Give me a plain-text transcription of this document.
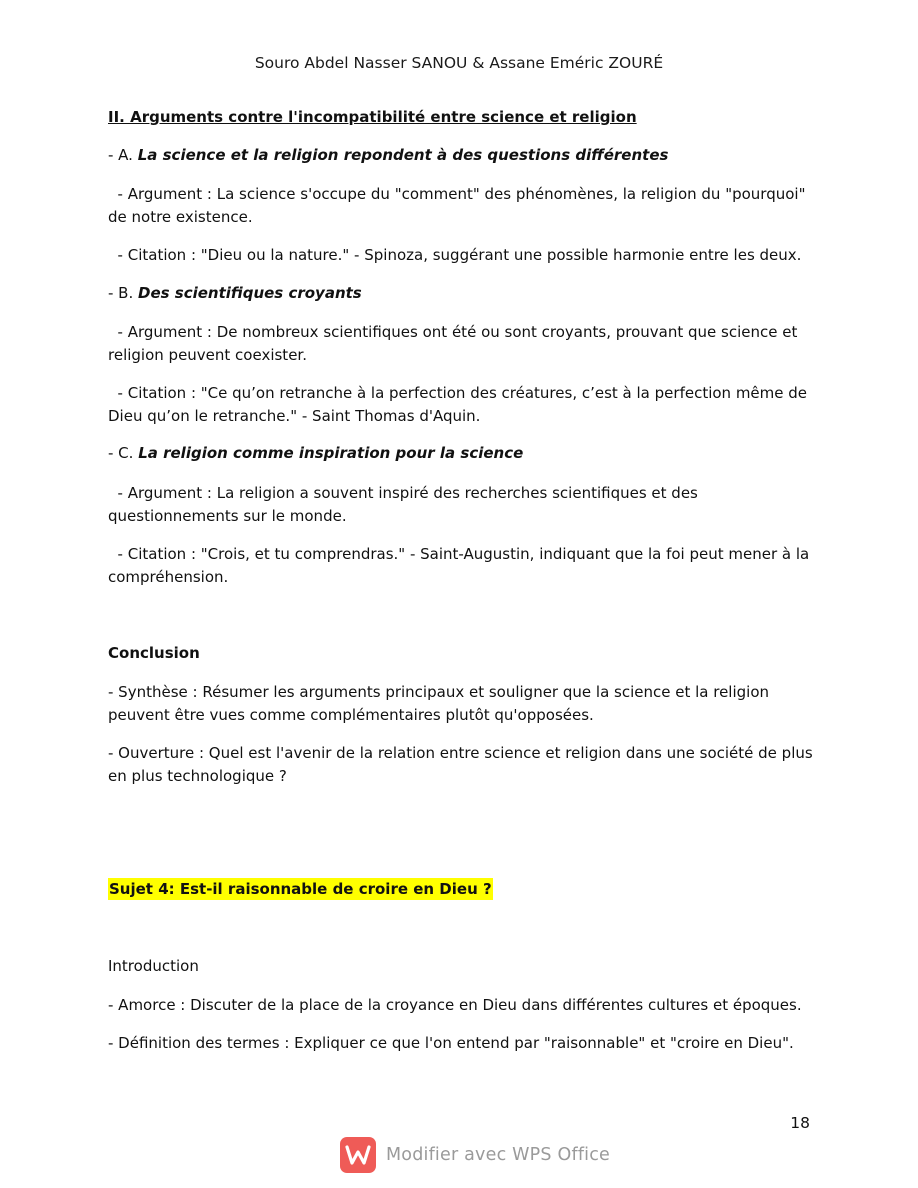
Souro Abdel Nasser SANOU & Assane Eméric ZOURÉ
II. Arguments contre l'incompatibilité entre science et religion
- A. La science et la religion repondent à des questions différentes
- Argument : La science s'occupe du "comment" des phénomènes, la religion du "pourquoi" de notre existence.
- Citation : "Dieu ou la nature." - Spinoza, suggérant une possible harmonie entre les deux.
- B. Des scientifiques croyants
- Argument : De nombreux scientifiques ont été ou sont croyants, prouvant que science et religion peuvent coexister.
- Citation : "Ce qu’on retranche à la perfection des créatures, c’est à la perfection même de Dieu qu’on le retranche." - Saint Thomas d'Aquin.
- C. La religion comme inspiration pour la science
- Argument : La religion a souvent inspiré des recherches scientifiques et des questionnements sur le monde.
- Citation : "Crois, et tu comprendras." - Saint-Augustin, indiquant que la foi peut mener à la compréhension.
Conclusion
- Synthèse : Résumer les arguments principaux et souligner que la science et la religion peuvent être vues comme complémentaires plutôt qu'opposées.
- Ouverture : Quel est l'avenir de la relation entre science et religion dans une société de plus en plus technologique ?
Sujet 4: Est-il raisonnable de croire en Dieu ?
Introduction
- Amorce : Discuter de la place de la croyance en Dieu dans différentes cultures et époques.
- Définition des termes : Expliquer ce que l'on entend par "raisonnable" et "croire en Dieu".
18
Modifier avec WPS Office
